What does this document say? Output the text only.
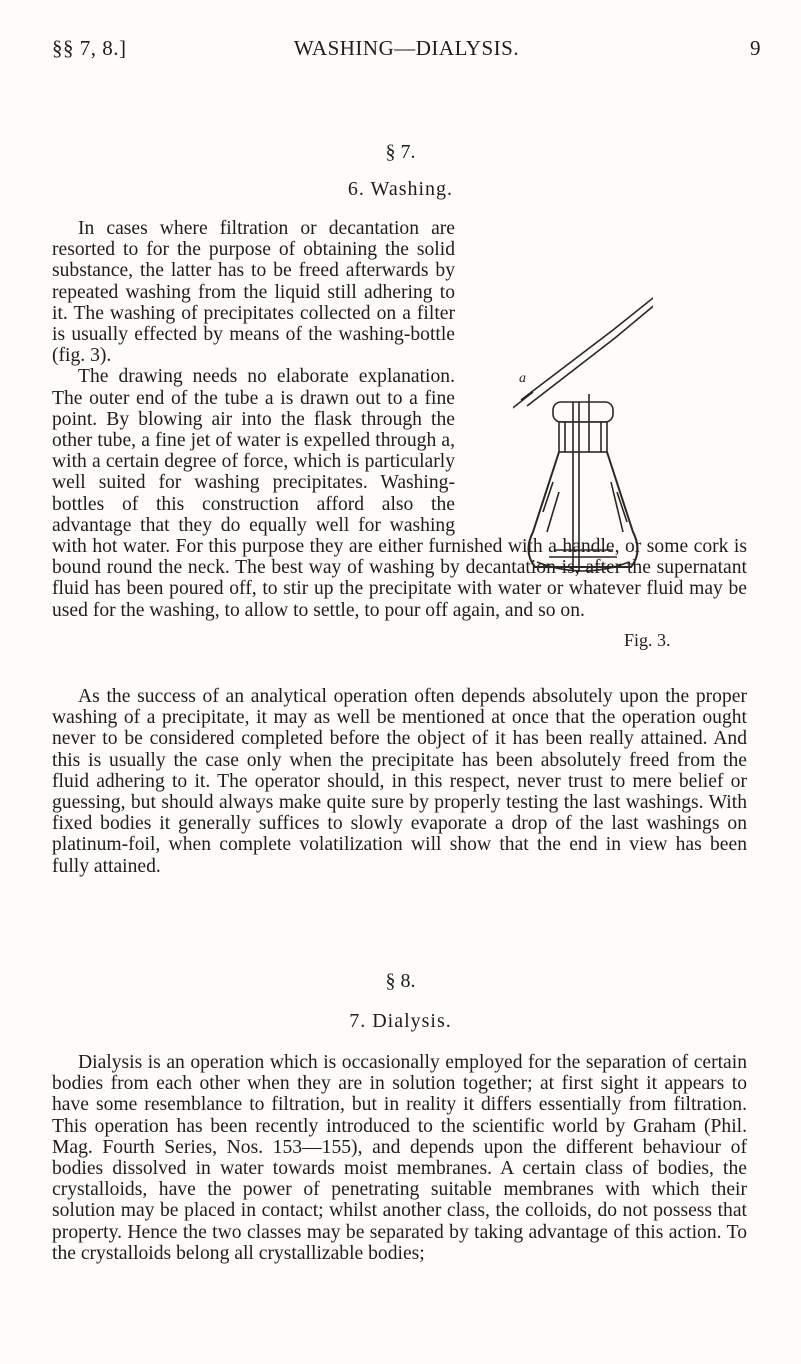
§§ 7, 8.]	WASHING—DIALYSIS.	9
§ 7.
6. Washing.

In cases where filtration or decantation are resorted to for the purpose of obtaining the solid substance, the latter has to be freed afterwards by repeated washing from the liquid still adhering to it. The washing of precipitates collected on a filter is usually effected by means of the washing-bottle (fig. 3).
The drawing needs no elaborate explanation. The outer end of the tube a is drawn out to a fine point. By blowing air into the flask through the other tube, a fine jet of water is expelled through a, with a certain degree of force, which is particularly well suited for washing precipitates. Washing-bottles of this construction afford also the advantage that they do equally well for washing with hot water. For this purpose they are either furnished with a handle, or some cork is bound round the neck. The best way of washing by decantation is, after the supernatant fluid has been poured off, to stir up the precipitate with water or whatever fluid may be used for the washing, to allow to settle, to pour off again, and so on.

a
Fig. 3.

As the success of an analytical operation often depends absolutely upon the proper washing of a precipitate, it may as well be mentioned at once that the operation ought never to be considered completed before the object of it has been really attained. And this is usually the case only when the precipitate has been absolutely freed from the fluid adhering to it. The operator should, in this respect, never trust to mere belief or guessing, but should always make quite sure by properly testing the last washings. With fixed bodies it generally suffices to slowly evaporate a drop of the last washings on platinum-foil, when complete volatilization will show that the end in view has been fully attained.

§ 8.
7. Dialysis.

Dialysis is an operation which is occasionally employed for the separation of certain bodies from each other when they are in solution together; at first sight it appears to have some resemblance to filtration, but in reality it differs essentially from filtration. This operation has been recently introduced to the scientific world by Graham (Phil. Mag. Fourth Series, Nos. 153—155), and depends upon the different behaviour of bodies dissolved in water towards moist membranes. A certain class of bodies, the crystalloids, have the power of penetrating suitable membranes with which their solution may be placed in contact; whilst another class, the colloids, do not possess that property. Hence the two classes may be separated by taking advantage of this action. To the crystalloids belong all crystallizable bodies;
